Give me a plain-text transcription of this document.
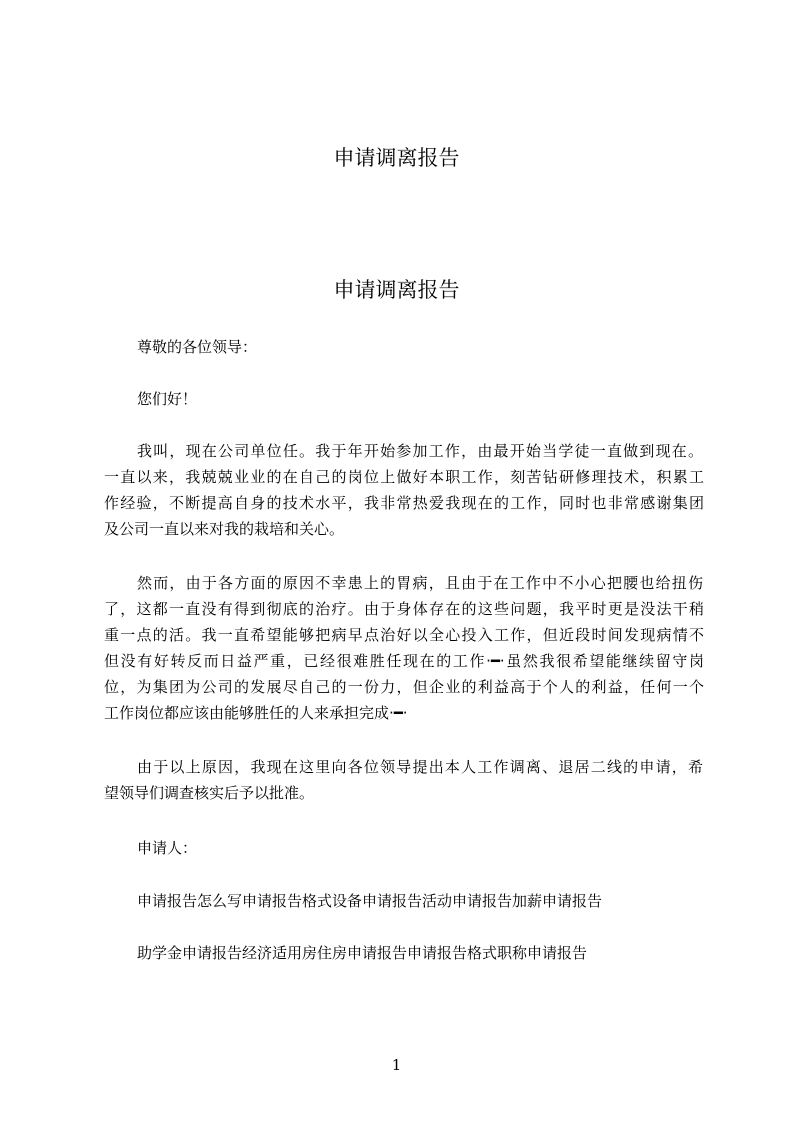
申请调离报告
申请调离报告

尊敬的各位领导：

您们好！

我叫，现在公司单位任。我于年开始参加工作，由最开始当学徒一直做到现在。

一直以来，我兢兢业业的在自己的岗位上做好本职工作，刻苦钻研修理技术，积累工

作经验，不断提高自身的技术水平，我非常热爱我现在的工作，同时也非常感谢集团

及公司一直以来对我的栽培和关心。

然而，由于各方面的原因不幸患上的胃病，且由于在工作中不小心把腰也给扭伤

了，这都一直没有得到彻底的治疗。由于身体存在的这些问题，我平时更是没法干稍

重一点的活。我一直希望能够把病早点治好以全心投入工作，但近段时间发现病情不

但没有好转反而日益严重，已经很难胜任现在的工作·━·虽然我很希望能继续留守岗

位，为集团为公司的发展尽自己的一份力，但企业的利益高于个人的利益，任何一个

工作岗位都应该由能够胜任的人来承担完成·━·

由于以上原因，我现在这里向各位领导提出本人工作调离、退居二线的申请，希

望领导们调查核实后予以批准。

申请人：

申请报告怎么写申请报告格式设备申请报告活动申请报告加薪申请报告

助学金申请报告经济适用房住房申请报告申请报告格式职称申请报告

1
